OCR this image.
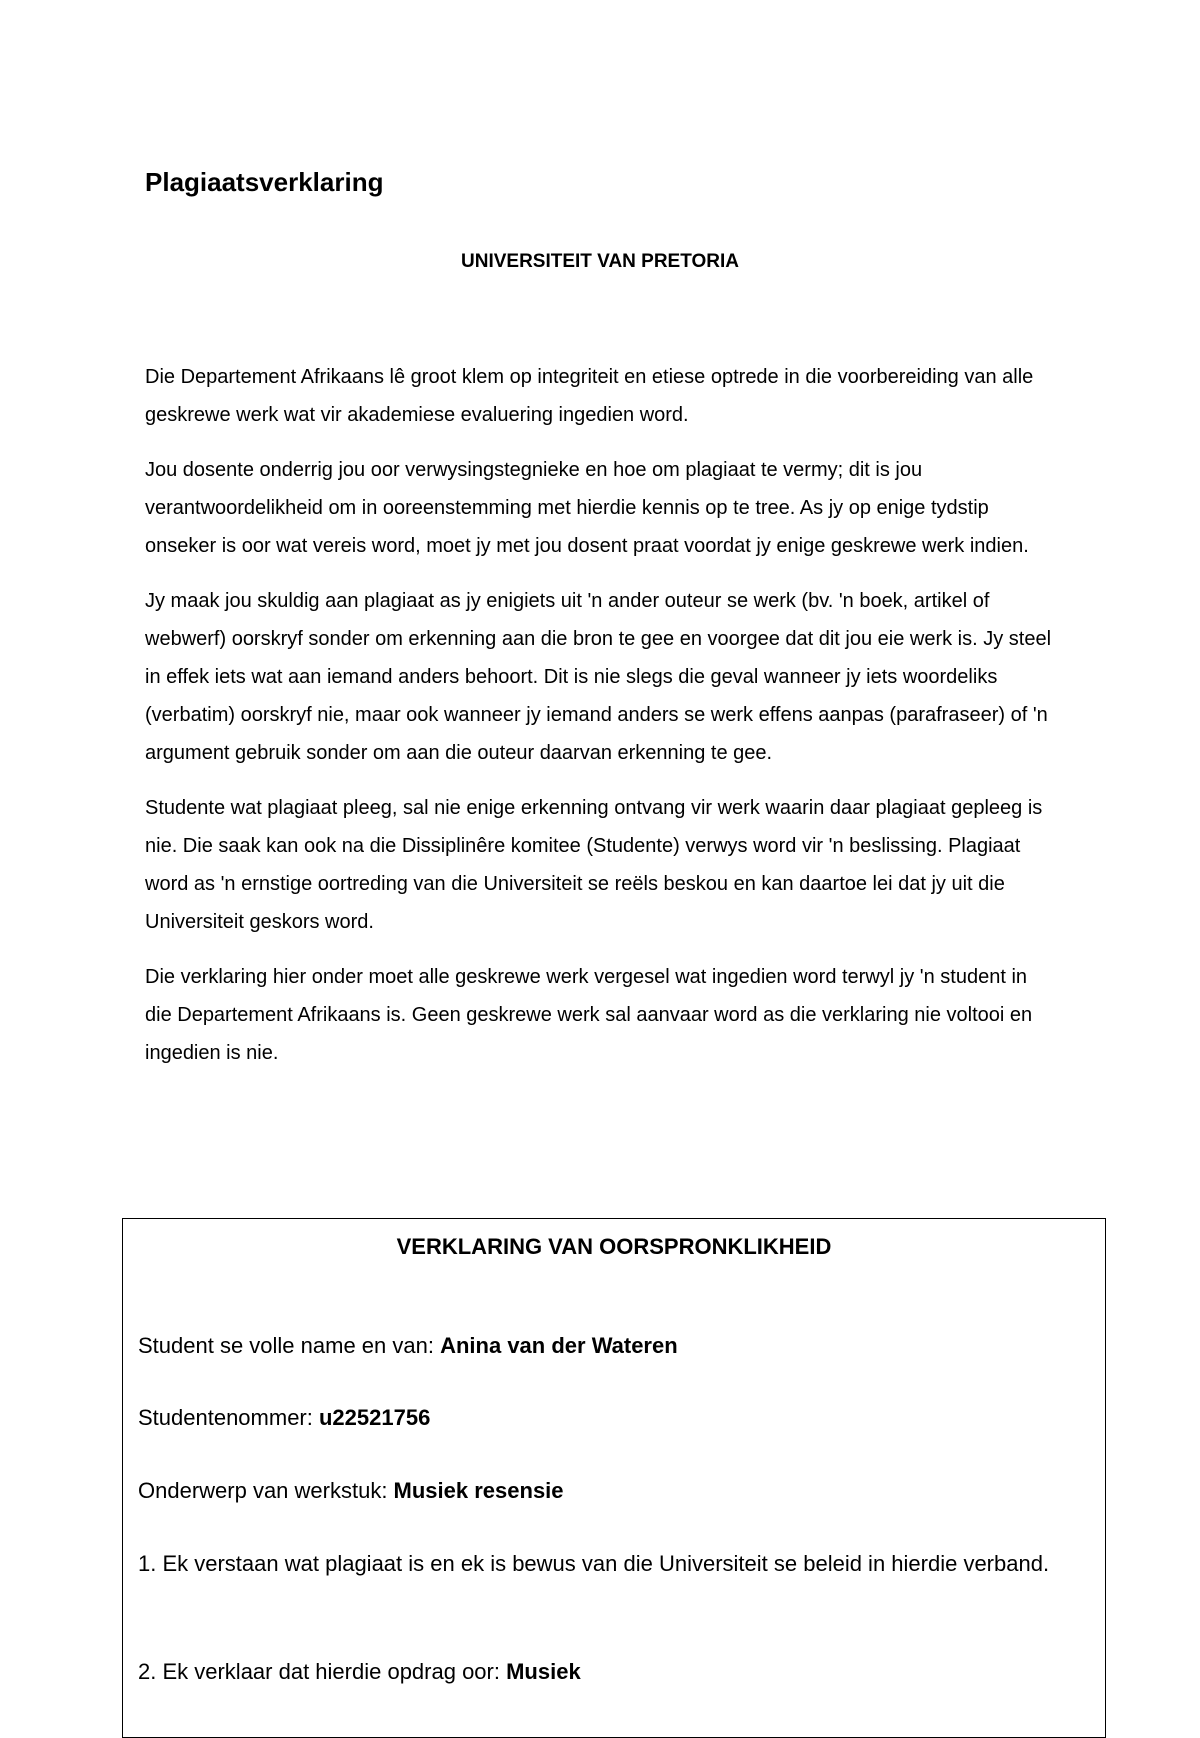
Plagiaatsverklaring
UNIVERSITEIT VAN PRETORIA

Die Departement Afrikaans lê groot klem op integriteit en etiese optrede in die voorbereiding van alle geskrewe werk wat vir akademiese evaluering ingedien word.

Jou dosente onderrig jou oor verwysingstegnieke en hoe om plagiaat te vermy; dit is jou verantwoordelikheid om in ooreenstemming met hierdie kennis op te tree. As jy op enige tydstip onseker is oor wat vereis word, moet jy met jou dosent praat voordat jy enige geskrewe werk indien.

Jy maak jou skuldig aan plagiaat as jy enigiets uit 'n ander outeur se werk (bv. 'n boek, artikel of webwerf) oorskryf sonder om erkenning aan die bron te gee en voorgee dat dit jou eie werk is. Jy steel in effek iets wat aan iemand anders behoort. Dit is nie slegs die geval wanneer jy iets woordeliks (verbatim) oorskryf nie, maar ook wanneer jy iemand anders se werk effens aanpas (parafraseer) of 'n argument gebruik sonder om aan die outeur daarvan erkenning te gee.

Studente wat plagiaat pleeg, sal nie enige erkenning ontvang vir werk waarin daar plagiaat gepleeg is nie. Die saak kan ook na die Dissiplinêre komitee (Studente) verwys word vir 'n beslissing. Plagiaat word as 'n ernstige oortreding van die Universiteit se reëls beskou en kan daartoe lei dat jy uit die Universiteit geskors word.

Die verklaring hier onder moet alle geskrewe werk vergesel wat ingedien word terwyl jy 'n student in die Departement Afrikaans is. Geen geskrewe werk sal aanvaar word as die verklaring nie voltooi en ingedien is nie.

VERKLARING VAN OORSPRONKLIKHEID

Student se volle name en van: Anina van der Wateren

Studentenommer: u22521756

Onderwerp van werkstuk: Musiek resensie

1. Ek verstaan wat plagiaat is en ek is bewus van die Universiteit se beleid in hierdie verband.

2. Ek verklaar dat hierdie opdrag oor: Musiek
